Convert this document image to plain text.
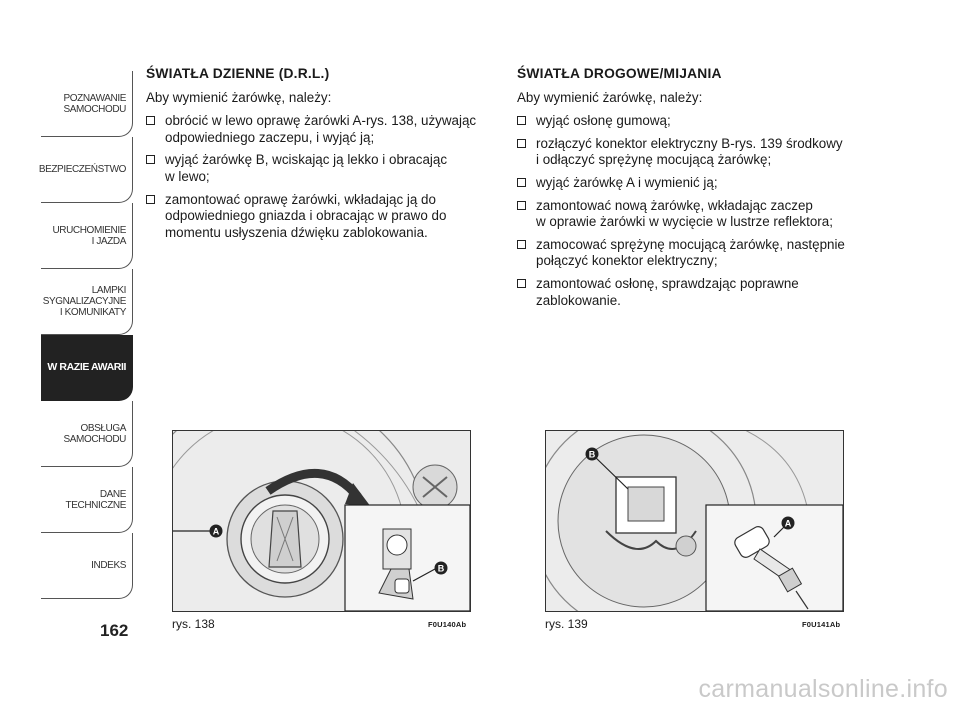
POZNAWANIE
SAMOCHODU
BEZPIECZEŃSTWO
URUCHOMIENIE
I JAZDA
LAMPKI
SYGNALIZACYJNE
I KOMUNIKATY
W RAZIE AWARII
OBSŁUGA
SAMOCHODU
DANE
TECHNICZNE
INDEKS
162
ŚWIATŁA DZIENNE (D.R.L.)
Aby wymienić żarówkę, należy:
obrócić w lewo oprawę żarówki A-rys. 138, używając
odpowiedniego zaczepu, i wyjąć ją;
wyjąć żarówkę B, wciskając ją lekko i obracając
w lewo;
zamontować oprawę żarówki, wkładając ją do
odpowiedniego gniazda i obracając w prawo do
momentu usłyszenia dźwięku zablokowania.
ŚWIATŁA DROGOWE/MIJANIA
Aby wymienić żarówkę, należy:
wyjąć osłonę gumową;
rozłączyć konektor elektryczny B-rys. 139 środkowy
i odłączyć sprężynę mocującą żarówkę;
wyjąć żarówkę A i wymienić ją;
zamontować nową żarówkę, wkładając zaczep
w oprawie żarówki w wycięcie w lustrze reflektora;
zamocować sprężynę mocującą żarówkę, następnie
połączyć konektor elektryczny;
zamontować osłonę, sprawdzając poprawne
zablokowanie.
A
B
rys. 138	F0U140Ab
B
A
rys. 139	F0U141Ab
carmanualsonline.info
